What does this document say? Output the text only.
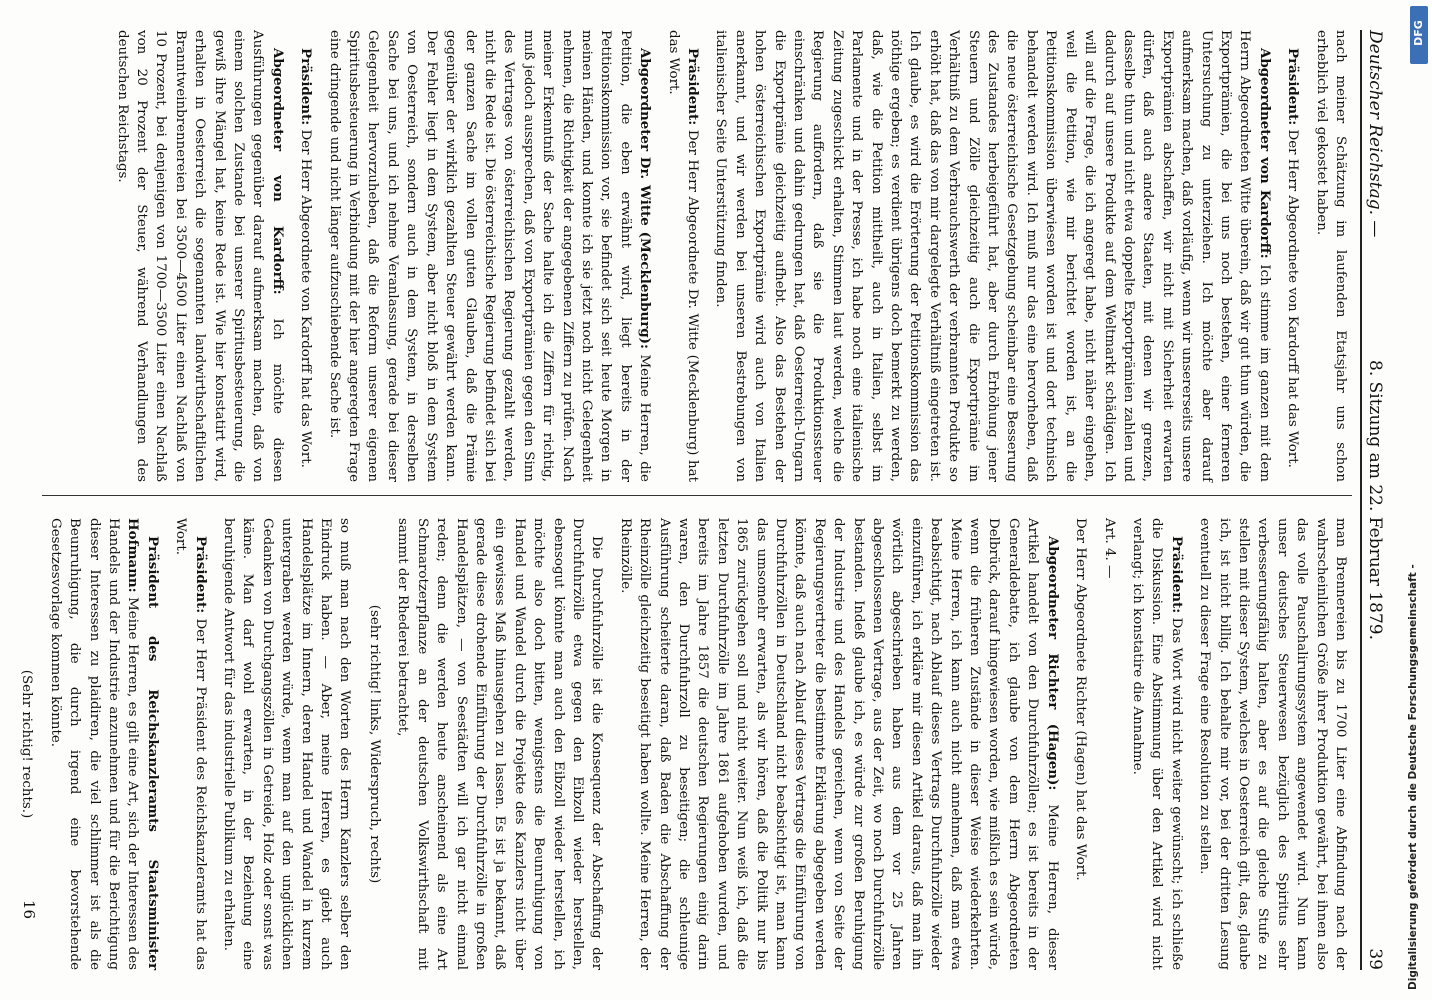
Deutscher Reichstag. —
8. Sitzung am 22. Februar 1879.
39

nach meiner Schätzung im laufenden Etatsjahr uns schon erheblich viel gekostet haben.

Präsident: Der Herr Abgeordnete von Kardorff hat das Wort.

Abgeordneter von Kardorff: Ich stimme im ganzen mit dem Herrn Abgeordneten Witte überein, daß wir gut thun würden, die Exportprämien, die bei uns noch bestehen, einer ferneren Untersuchung zu unterziehen. Ich möchte aber darauf aufmerksam machen, daß vorläufig, wenn wir unsererseits unsere Exportprämien abschaffen, wir nicht mit Sicherheit erwarten dürfen, daß auch andere Staaten, mit denen wir grenzen, dasselbe thun und nicht etwa doppelte Exportprämien zahlen und dadurch auf unsere Produkte auf dem Weltmarkt schädigen. Ich will auf die Frage, die ich angeregt habe, nicht näher eingehen, weil die Petition, wie mir berichtet worden ist, an die Petitionskommission überwiesen worden ist und dort technisch behandelt werden wird. Ich muß nur das eine hervorheben, daß die neue österreichische Gesetzgebung scheinbar eine Besserung des Zustandes herbeigeführt hat, aber durch Erhöhung jener Steuern und Zölle gleichzeitig auch die Exportprämie im Verhältniß zu dem Verbrauchswerth der verbrannten Produkte so erhöht hat, daß das von mir dargelegte Verhältniß eingetreten ist. Ich glaube, es wird die Erörterung der Petitionskommission das nöthige ergeben; es verdient übrigens doch bemerkt zu werden, daß, wie die Petition mittheilt, auch in Italien, selbst im Parlamente und in der Presse, ich habe noch eine italienische Zeitung zugeschickt erhalten, Stimmen laut werden, welche die Regierung auffordern, daß sie die Produktionssteuer einschränken und dahin gedrungen hat, daß Oesterreich-Ungarn die Exportprämie gleichzeitig aufhebt. Also das Bestehen der hohen österreichischen Exportprämie wird auch von Italien anerkannt, und wir werden bei unseren Bestrebungen von italienischer Seite Unterstützung finden.

Präsident: Der Herr Abgeordnete Dr. Witte (Mecklenburg) hat das Wort.

Abgeordneter Dr. Witte (Mecklenburg): Meine Herren, die Petition, die eben erwähnt wird, liegt bereits in der Petitionskommission vor, sie befindet sich seit heute Morgen in meinen Händen, und konnte ich sie jetzt noch nicht Gelegenheit nehmen, die Richtigkeit der angegebenen Ziffern zu prüfen. Nach meiner Erkenntniß der Sache halte ich die Ziffern für richtig, muß jedoch aussprechen, daß von Exportprämien gegen den Sinn des Vertrages von österreichischen Regierung gezahlt werden, nicht die Rede ist. Die österreichische Regierung befindet sich bei der ganzen Sache im vollen guten Glauben, daß die Prämie gegenüber der wirklich gezahlten Steuer gewährt werden kann. Der Fehler liegt in dem System, aber nicht bloß in dem System von Oesterreich, sondern auch in dem System, in derselben Sache bei uns, und ich nehme Veranlassung, gerade bei dieser Gelegenheit hervorzuheben, daß die Reform unserer eigenen Spiritusbesteuerung in Verbindung mit der hier angeregten Frage eine dringende und nicht länger aufzuschiebende Sache ist.

Präsident: Der Herr Abgeordnete von Kardorff hat das Wort.

Abgeordneter von Kardorff: Ich möchte diesen Ausführungen gegenüber darauf aufmerksam machen, daß von einem solchen Zustande bei unserer Spiritusbesteuerung, die gewiß ihre Mängel hat, keine Rede ist. Wie hier konstatirt wird, erhalten in Oesterreich die sogenannten landwirthschaftlichen Branntweinbrennereien bei 3500—4500 Liter einen Nachlaß von 10 Prozent, bei denjenigen von 1700—3500 Liter einen Nachlaß von 20 Prozent der Steuer, während Verhandlungen des deutschen Reichstags.

man Brennereien bis zu 1700 Liter eine Abfindung nach der wahrscheinlichen Größe ihrer Produktion gewährt, bei ihnen also das volle Pauschalirungssystem angewendet wird. Nun kann unser deutsches Steuerwesen bezüglich des Spiritus sehr verbesserungsfähig halten, aber es auf die gleiche Stufe zu stellen mit dieser System, welches in Oesterreich gilt, das, glaube ich, ist nicht billig. Ich behalte mir vor, bei der dritten Lesung eventuell zu dieser Frage eine Resolution zu stellen.

Präsident: Das Wort wird nicht weiter gewünscht; ich schließe die Diskussion. Eine Abstimmung über den Artikel wird nicht verlangt; ich konstatire die Annahme.

Art. 4. —

Der Herr Abgeordnete Richter (Hagen) hat das Wort.

Abgeordneter Richter (Hagen): Meine Herren, dieser Artikel handelt von den Durchfuhrzöllen; es ist bereits in der Generaldebatte, ich glaube von dem Herrn Abgeordneten Delbrück, darauf hingewiesen worden, wie mißlich es sein würde, wenn die früheren Zustände in dieser Weise wiederkehrten. Meine Herren, ich kann auch nicht annehmen, daß man etwa beabsichtigt, nach Ablauf dieses Vertrags Durchfuhrzölle wieder einzuführen, ich erkläre mir diesen Artikel daraus, daß man ihn wörtlich abgeschrieben haben aus dem vor 25 Jahren abgeschlossenen Vertrage, aus der Zeit, wo noch Durchfuhrzölle bestanden. Indeß glaube ich, es würde zur großen Beruhigung der Industrie und des Handels gereichen, wenn von Seite der Regierungsvertreter die bestimmte Erklärung abgegeben werden könnte, daß auch nach Ablauf dieses Vertrags die Einführung von Durchfuhrzöllen in Deutschland nicht beabsichtigt ist, man kann das umsomehr erwarten, als wir hören, daß die Politik nur bis 1865 zurückgehen soll und nicht weiter. Nun weiß ich, daß die letzten Durchfuhrzölle im Jahre 1861 aufgehoben wurden, und bereits im Jahre 1857 die deutschen Regierungen einig darin waren, den Durchfuhrzoll zu beseitigen; die schleunige Ausführung scheiterte daran, daß Baden die Abschaffung der Rheinzölle gleichzeitig beseitigt haben wollte. Meine Herren, der Rheinzölle.

Die Durchfuhrzölle ist die Konsequenz der Abschaffung der Durchfuhrzölle etwa gegen den Eibzoll wieder herstellen, ebensogut könnte man auch den Eibzoll wieder herstellen, ich möchte also doch bitten, wenigstens die Beunruhigung von Handel und Wandel durch die Projekte des Kanzlers nicht über ein gewisses Maß hinausgehen zu lassen. Es ist ja bekannt, daß gerade diese drohende Einführung der Durchfuhrzölle in großen Handelsplätzen, — von Seestädten will ich gar nicht einmal reden; denn die werden heute anscheinend als eine Art Schmarotzerpflanze an der deutschen Volkswirthschaft mit sammt der Rhederei betrachtet,

(sehr richtig! links, Widerspruch, rechts)

so muß man nach den Worten des Herrn Kanzlers selber den Eindruck haben. — Aber, meine Herren, es giebt auch Handelsplätze im Innern, deren Handel und Wandel in kurzem untergraben werden würde, wenn man auf den unglücklichen Gedanken von Durchgangszöllen in Getreide, Holz oder sonst was käme. Man darf wohl erwarten, in der Beziehung eine beruhigende Antwort für das industrielle Publikum zu erhalten.

Präsident: Der Herr Präsident des Reichskanzleramts hat das Wort.

Präsident des Reichskanzleramts Staatsminister Hofmann: Meine Herren, es gilt eine Art, sich der Interessen des Handels und der Industrie anzunehmen und für die Berichtigung dieser Interessen zu plaidiren, die viel schlimmer ist als die Beunruhigung, die durch irgend eine bevorstehende Gesetzesvorlage kommen könnte.

(Sehr richtig! rechts.)

16	Digitalisierung gefördert durch die Deutsche Forschungsgemeinschaft -
DFG
